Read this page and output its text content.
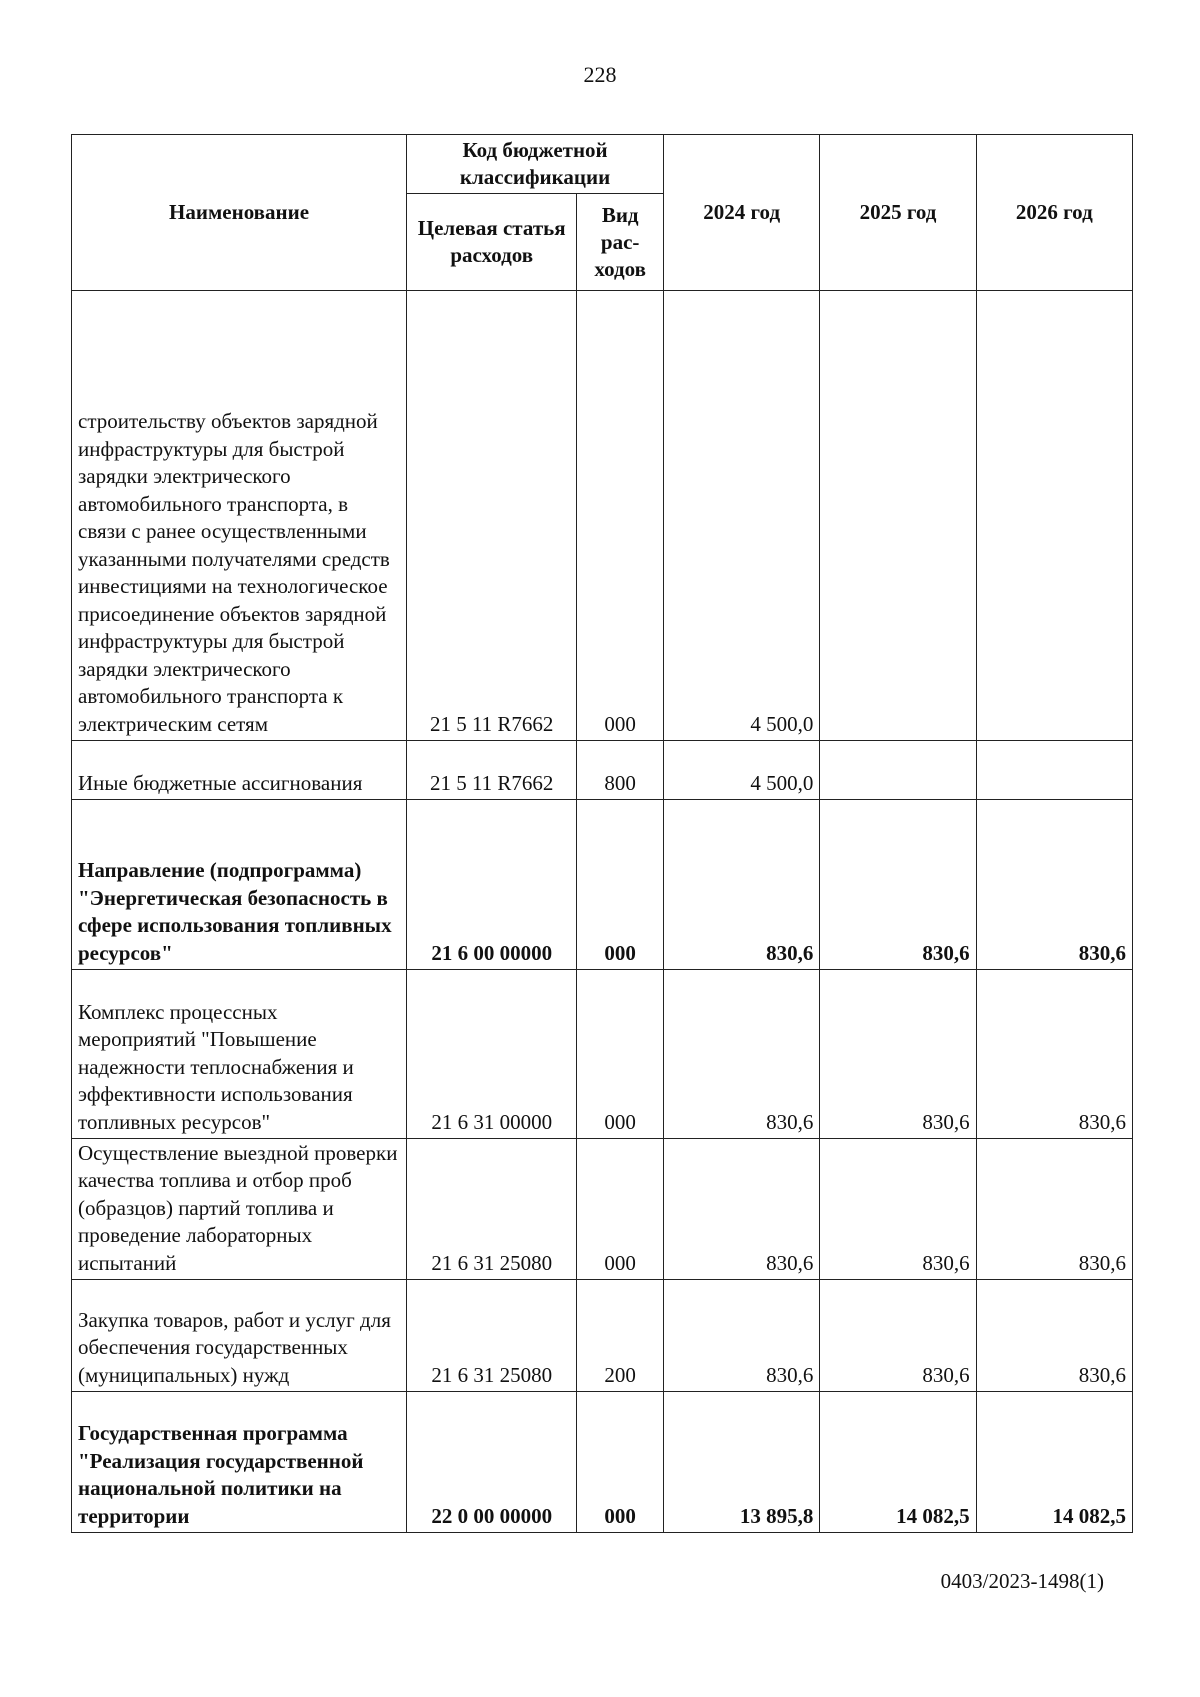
228
Наименование	Код бюджетной классификации		2024 год	2025 год	2026 год
	Целевая статья расходов	Вид рас- ходов			
строительству объектов зарядной инфраструктуры для быстрой зарядки электрического автомобильного транспорта, в связи с ранее осуществленными указанными получателями средств инвестициями на технологическое присоединение объектов зарядной инфраструктуры для быстрой зарядки электрического автомобильного транспорта к электрическим сетям	21 5 11 R7662	000	4 500,0		
Иные бюджетные ассигнования	21 5 11 R7662	800	4 500,0		
Направление (подпрограмма) "Энергетическая безопасность в сфере использования топливных ресурсов"	21 6 00 00000	000	830,6	830,6	830,6
Комплекс процессных мероприятий "Повышение надежности теплоснабжения и эффективности использования топливных ресурсов"	21 6 31 00000	000	830,6	830,6	830,6
Осуществление выездной проверки качества топлива и отбор проб (образцов) партий топлива и проведение лабораторных испытаний	21 6 31 25080	000	830,6	830,6	830,6
Закупка товаров, работ и услуг для обеспечения государственных (муниципальных) нужд	21 6 31 25080	200	830,6	830,6	830,6
Государственная программа "Реализация государственной национальной политики на территории	22 0 00 00000	000	13 895,8	14 082,5	14 082,5
0403/2023-1498(1)
